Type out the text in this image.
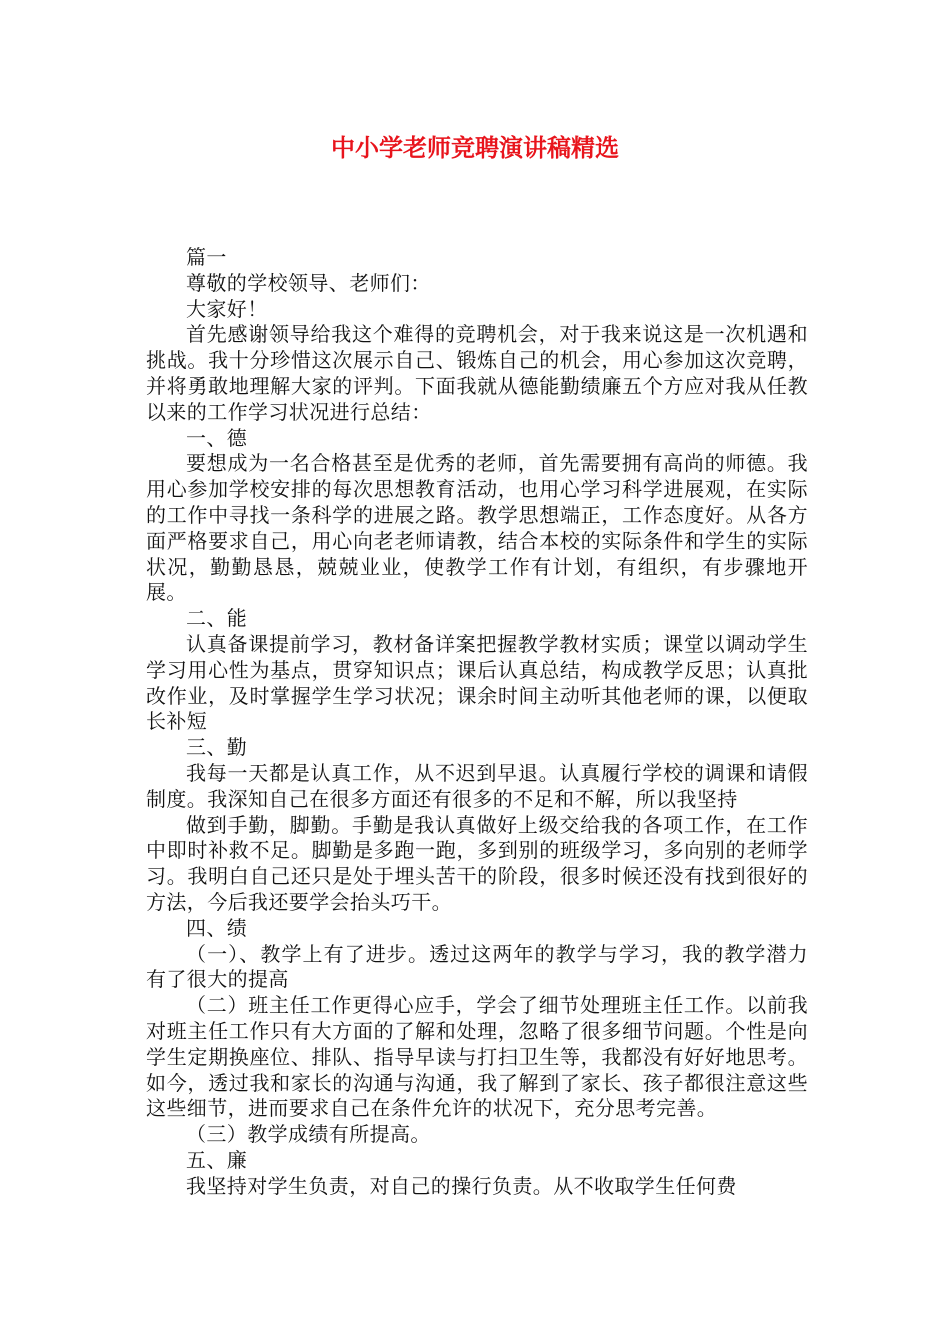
中小学老师竞聘演讲稿精选

篇一

尊敬的学校领导、老师们：

大家好！

首先感谢领导给我这个难得的竞聘机会，对于我来说这是一次机遇和挑战。我十分珍惜这次展示自己、锻炼自己的机会，用心参加这次竞聘，并将勇敢地理解大家的评判。下面我就从德能勤绩廉五个方应对我从任教以来的工作学习状况进行总结：

一、德

要想成为一名合格甚至是优秀的老师，首先需要拥有高尚的师德。我用心参加学校安排的每次思想教育活动，也用心学习科学进展观，在实际的工作中寻找一条科学的进展之路。教学思想端正，工作态度好。从各方面严格要求自己，用心向老老师请教，结合本校的实际条件和学生的实际状况，勤勤恳恳，兢兢业业，使教学工作有计划，有组织，有步骤地开展。

二、能

认真备课提前学习，教材备详案把握教学教材实质；课堂以调动学生学习用心性为基点，贯穿知识点；课后认真总结，构成教学反思；认真批改作业，及时掌握学生学习状况；课余时间主动听其他老师的课，以便取长补短

三、勤

我每一天都是认真工作，从不迟到早退。认真履行学校的调课和请假制度。我深知自己在很多方面还有很多的不足和不解，所以我坚持

做到手勤，脚勤。手勤是我认真做好上级交给我的各项工作，在工作中即时补救不足。脚勤是多跑一跑，多到别的班级学习，多向别的老师学习。我明白自己还只是处于埋头苦干的阶段，很多时候还没有找到很好的方法，今后我还要学会抬头巧干。

四、绩

（一）、教学上有了进步。透过这两年的教学与学习，我的教学潜力有了很大的提高

（二）班主任工作更得心应手，学会了细节处理班主任工作。以前我对班主任工作只有大方面的了解和处理，忽略了很多细节问题。个性是向学生定期换座位、排队、指导早读与打扫卫生等，我都没有好好地思考。如今，透过我和家长的沟通与沟通，我了解到了家长、孩子都很注意这些这些细节，进而要求自己在条件允许的状况下，充分思考完善。

（三）教学成绩有所提高。

五、廉

我坚持对学生负责，对自己的操行负责。从不收取学生任何费
